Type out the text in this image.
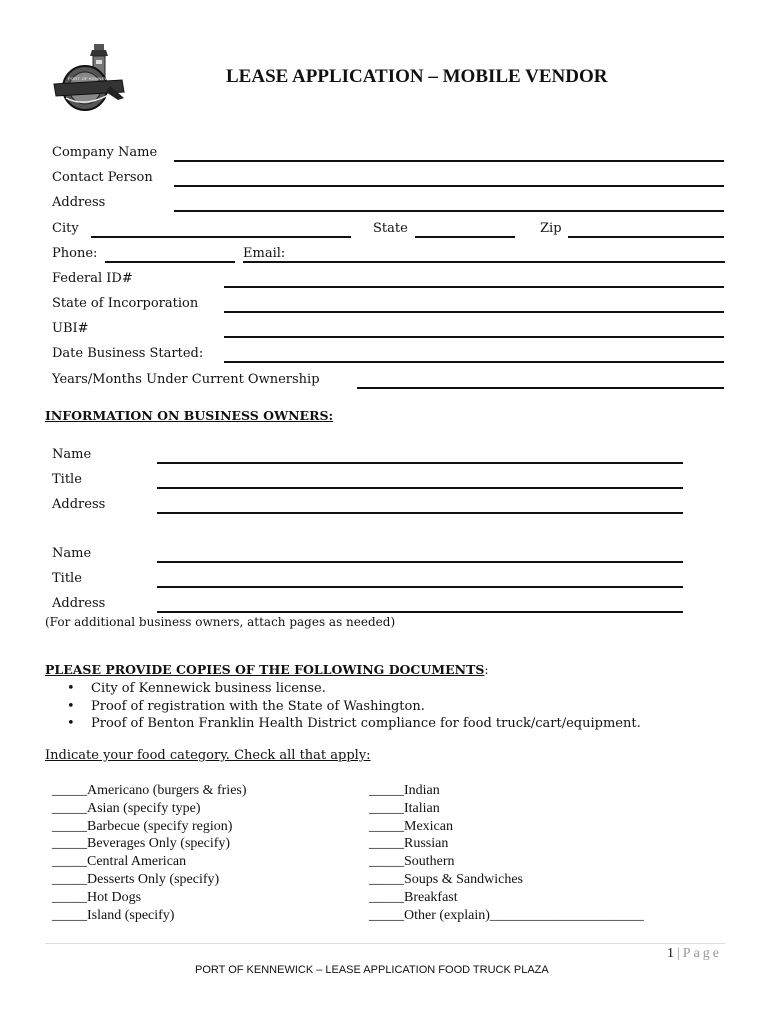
PORT OF KENNEWICK	LEASE APPLICATION – MOBILE VENDOR
Company Name
Contact Person
Address
City	State	Zip
Phone:	Email:
Federal ID#
State of Incorporation
UBI#
Date Business Started:
Years/Months Under Current Ownership
INFORMATION ON BUSINESS OWNERS:
Name
Title
Address
Name
Title
Address
(For additional business owners, attach pages as needed)
PLEASE PROVIDE COPIES OF THE FOLLOWING DOCUMENTS:
• City of Kennewick business license.
• Proof of registration with the State of Washington.
• Proof of Benton Franklin Health District compliance for food truck/cart/equipment.
Indicate your food category. Check all that apply:
_____Americano (burgers & fries)
_____Asian (specify type)
_____Barbecue (specify region)
_____Beverages Only (specify)
_____Central American
_____Desserts Only (specify)
_____Hot Dogs
_____Island (specify)
_____Indian
_____Italian
_____Mexican
_____Russian
_____Southern
_____Soups & Sandwiches
_____Breakfast
_____Other (explain)______________________
1 | Page
PORT OF KENNEWICK – LEASE APPLICATION FOOD TRUCK PLAZA
